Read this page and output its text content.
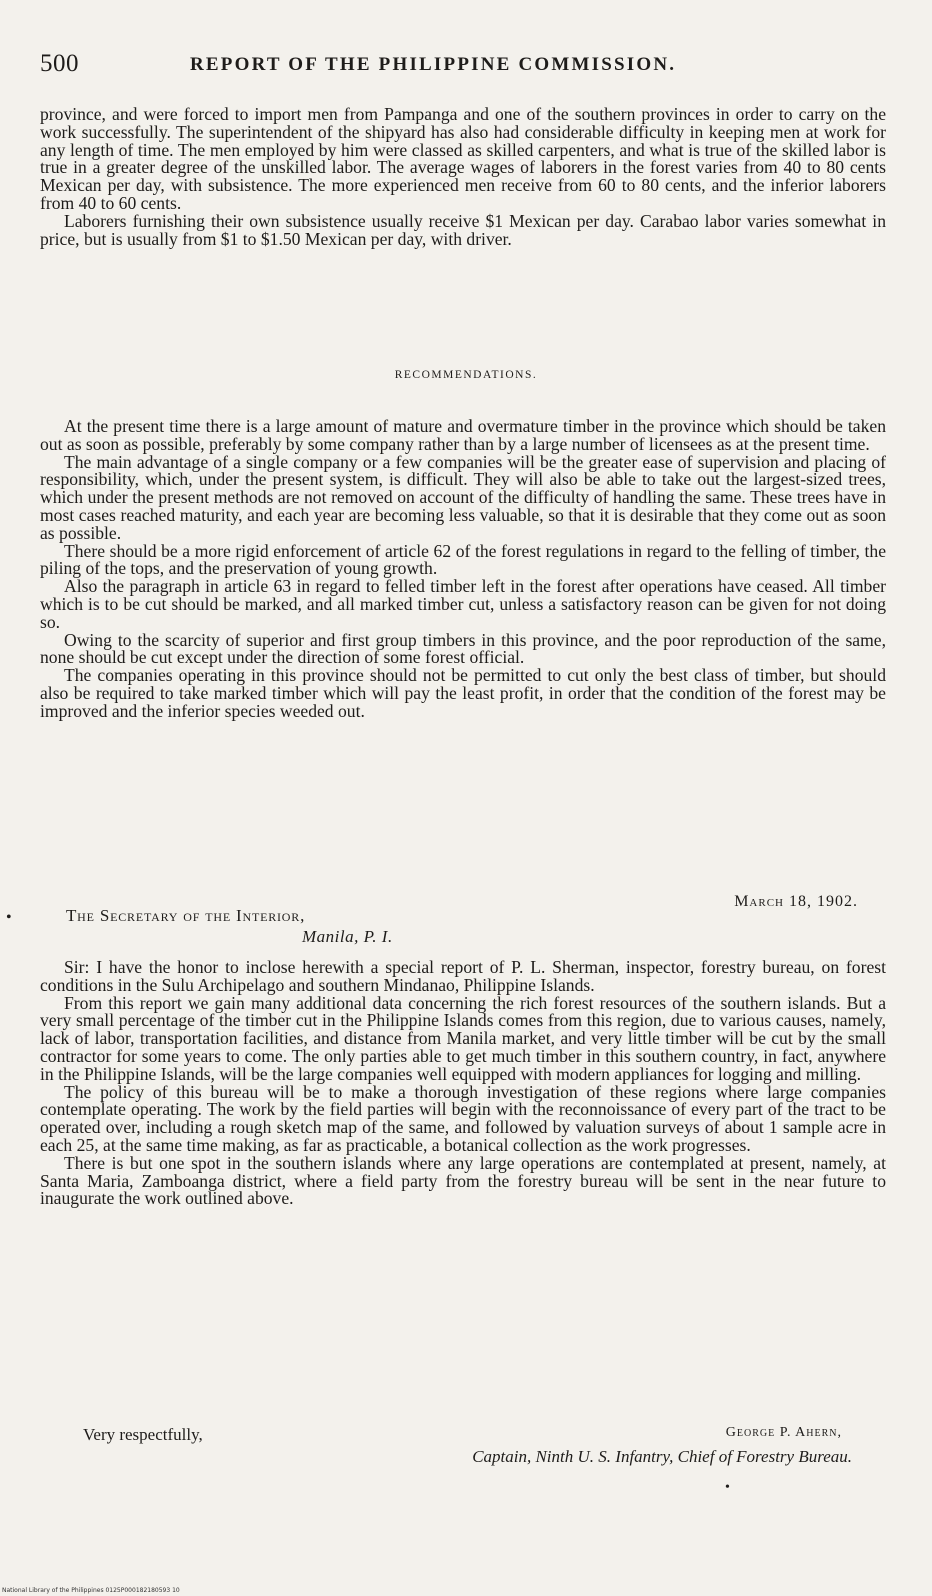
500	REPORT OF THE PHILIPPINE COMMISSION.

province, and were forced to import men from Pampanga and one of the southern provinces in order to carry on the work successfully. The superintendent of the shipyard has also had considerable difficulty in keeping men at work for any length of time. The men employed by him were classed as skilled carpenters, and what is true of the skilled labor is true in a greater degree of the unskilled labor. The average wages of laborers in the forest varies from 40 to 80 cents Mexican per day, with subsistence. The more experienced men receive from 60 to 80 cents, and the inferior laborers from 40 to 60 cents.

Laborers furnishing their own subsistence usually receive $1 Mexican per day. Carabao labor varies somewhat in price, but is usually from $1 to $1.50 Mexican per day, with driver.

RECOMMENDATIONS.

At the present time there is a large amount of mature and overmature timber in the province which should be taken out as soon as possible, preferably by some company rather than by a large number of licensees as at the present time.

The main advantage of a single company or a few companies will be the greater ease of supervision and placing of responsibility, which, under the present system, is difficult. They will also be able to take out the largest-sized trees, which under the present methods are not removed on account of the difficulty of handling the same. These trees have in most cases reached maturity, and each year are becoming less valuable, so that it is desirable that they come out as soon as possible.

There should be a more rigid enforcement of article 62 of the forest regulations in regard to the felling of timber, the piling of the tops, and the preservation of young growth.

Also the paragraph in article 63 in regard to felled timber left in the forest after operations have ceased. All timber which is to be cut should be marked, and all marked timber cut, unless a satisfactory reason can be given for not doing so.

Owing to the scarcity of superior and first group timbers in this province, and the poor reproduction of the same, none should be cut except under the direction of some forest official.

The companies operating in this province should not be permitted to cut only the best class of timber, but should also be required to take marked timber which will pay the least profit, in order that the condition of the forest may be improved and the inferior species weeded out.

March 18, 1902.
•	The Secretary of the Interior,
Manila, P. I.

Sir: I have the honor to inclose herewith a special report of P. L. Sherman, inspector, forestry bureau, on forest conditions in the Sulu Archipelago and southern Mindanao, Philippine Islands.

From this report we gain many additional data concerning the rich forest resources of the southern islands. But a very small percentage of the timber cut in the Philippine Islands comes from this region, due to various causes, namely, lack of labor, transportation facilities, and distance from Manila market, and very little timber will be cut by the small contractor for some years to come. The only parties able to get much timber in this southern country, in fact, anywhere in the Philippine Islands, will be the large companies well equipped with modern appliances for logging and milling.

The policy of this bureau will be to make a thorough investigation of these regions where large companies contemplate operating. The work by the field parties will begin with the reconnoissance of every part of the tract to be operated over, including a rough sketch map of the same, and followed by valuation surveys of about 1 sample acre in each 25, at the same time making, as far as practicable, a botanical collection as the work progresses.

There is but one spot in the southern islands where any large operations are contemplated at present, namely, at Santa Maria, Zamboanga district, where a field party from the forestry bureau will be sent in the near future to inaugurate the work outlined above.

Very respectfully,	George P. Ahern,
Captain, Ninth U. S. Infantry, Chief of Forestry Bureau.
•
National Library of the Philippines 0125P000182180593 10
